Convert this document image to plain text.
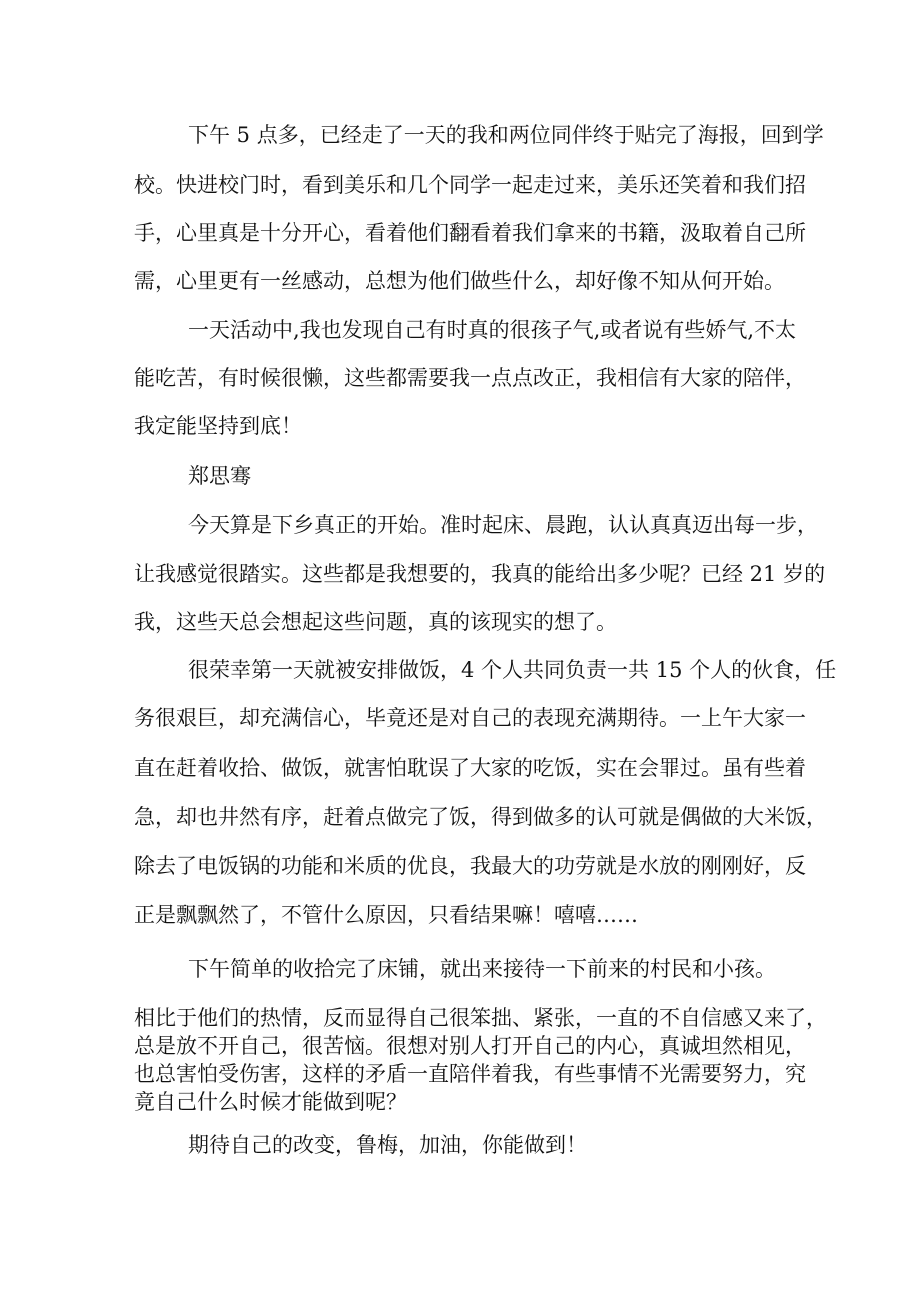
下午 5 点多，已经走了一天的我和两位同伴终于贴完了海报，回到学
校。快进校门时，看到美乐和几个同学一起走过来，美乐还笑着和我们招
手，心里真是十分开心，看着他们翻看着我们拿来的书籍，汲取着自己所
需，心里更有一丝感动，总想为他们做些什么，却好像不知从何开始。
一天活动中,我也发现自己有时真的很孩子气,或者说有些娇气,不太
能吃苦，有时候很懒，这些都需要我一点点改正，我相信有大家的陪伴，
我定能坚持到底！
郑思骞
今天算是下乡真正的开始。准时起床、晨跑，认认真真迈出每一步，
让我感觉很踏实。这些都是我想要的，我真的能给出多少呢？已经 21 岁的
我，这些天总会想起这些问题，真的该现实的想了。
很荣幸第一天就被安排做饭，4 个人共同负责一共 15 个人的伙食，任
务很艰巨，却充满信心，毕竟还是对自己的表现充满期待。一上午大家一
直在赶着收拾、做饭，就害怕耽误了大家的吃饭，实在会罪过。虽有些着
急，却也井然有序，赶着点做完了饭，得到做多的认可就是偶做的大米饭，
除去了电饭锅的功能和米质的优良，我最大的功劳就是水放的刚刚好，反
正是飘飘然了，不管什么原因，只看结果嘛！嘻嘻……
下午简单的收拾完了床铺，就出来接待一下前来的村民和小孩。
相比于他们的热情，反而显得自己很笨拙、紧张，一直的不自信感又来了，
总是放不开自己，很苦恼。很想对别人打开自己的内心，真诚坦然相见，
也总害怕受伤害，这样的矛盾一直陪伴着我，有些事情不光需要努力，究
竟自己什么时候才能做到呢？
期待自己的改变，鲁梅，加油，你能做到！
